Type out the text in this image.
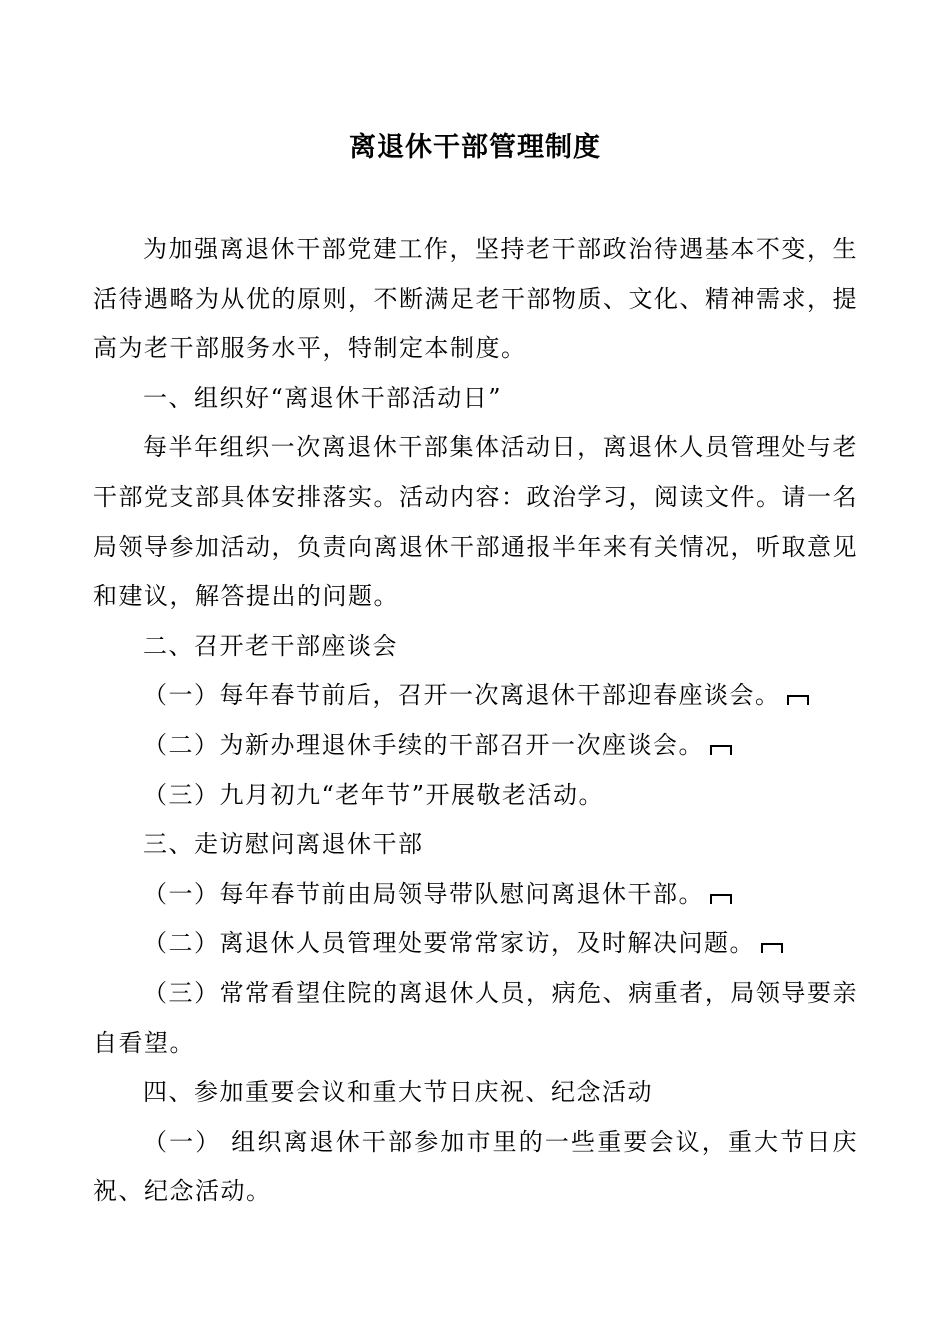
离退休干部管理制度

为加强离退休干部党建工作，坚持老干部政治待遇基本不变，生活待遇略为从优的原则，不断满足老干部物质、文化、精神需求，提高为老干部服务水平，特制定本制度。

一、组织好“离退休干部活动日”

每半年组织一次离退休干部集体活动日，离退休人员管理处与老干部党支部具体安排落实。活动内容：政治学习，阅读文件。请一名局领导参加活动，负责向离退休干部通报半年来有关情况，听取意见和建议，解答提出的问题。

二、召开老干部座谈会

（一）每年春节前后，召开一次离退休干部迎春座谈会。

（二）为新办理退休手续的干部召开一次座谈会。

（三）九月初九“老年节”开展敬老活动。

三、走访慰问离退休干部

（一）每年春节前由局领导带队慰问离退休干部。

（二）离退休人员管理处要常常家访，及时解决问题。

（三）常常看望住院的离退休人员，病危、病重者，局领导要亲自看望。

四、参加重要会议和重大节日庆祝、纪念活动

（一） 组织离退休干部参加市里的一些重要会议，重大节日庆祝、纪念活动。
